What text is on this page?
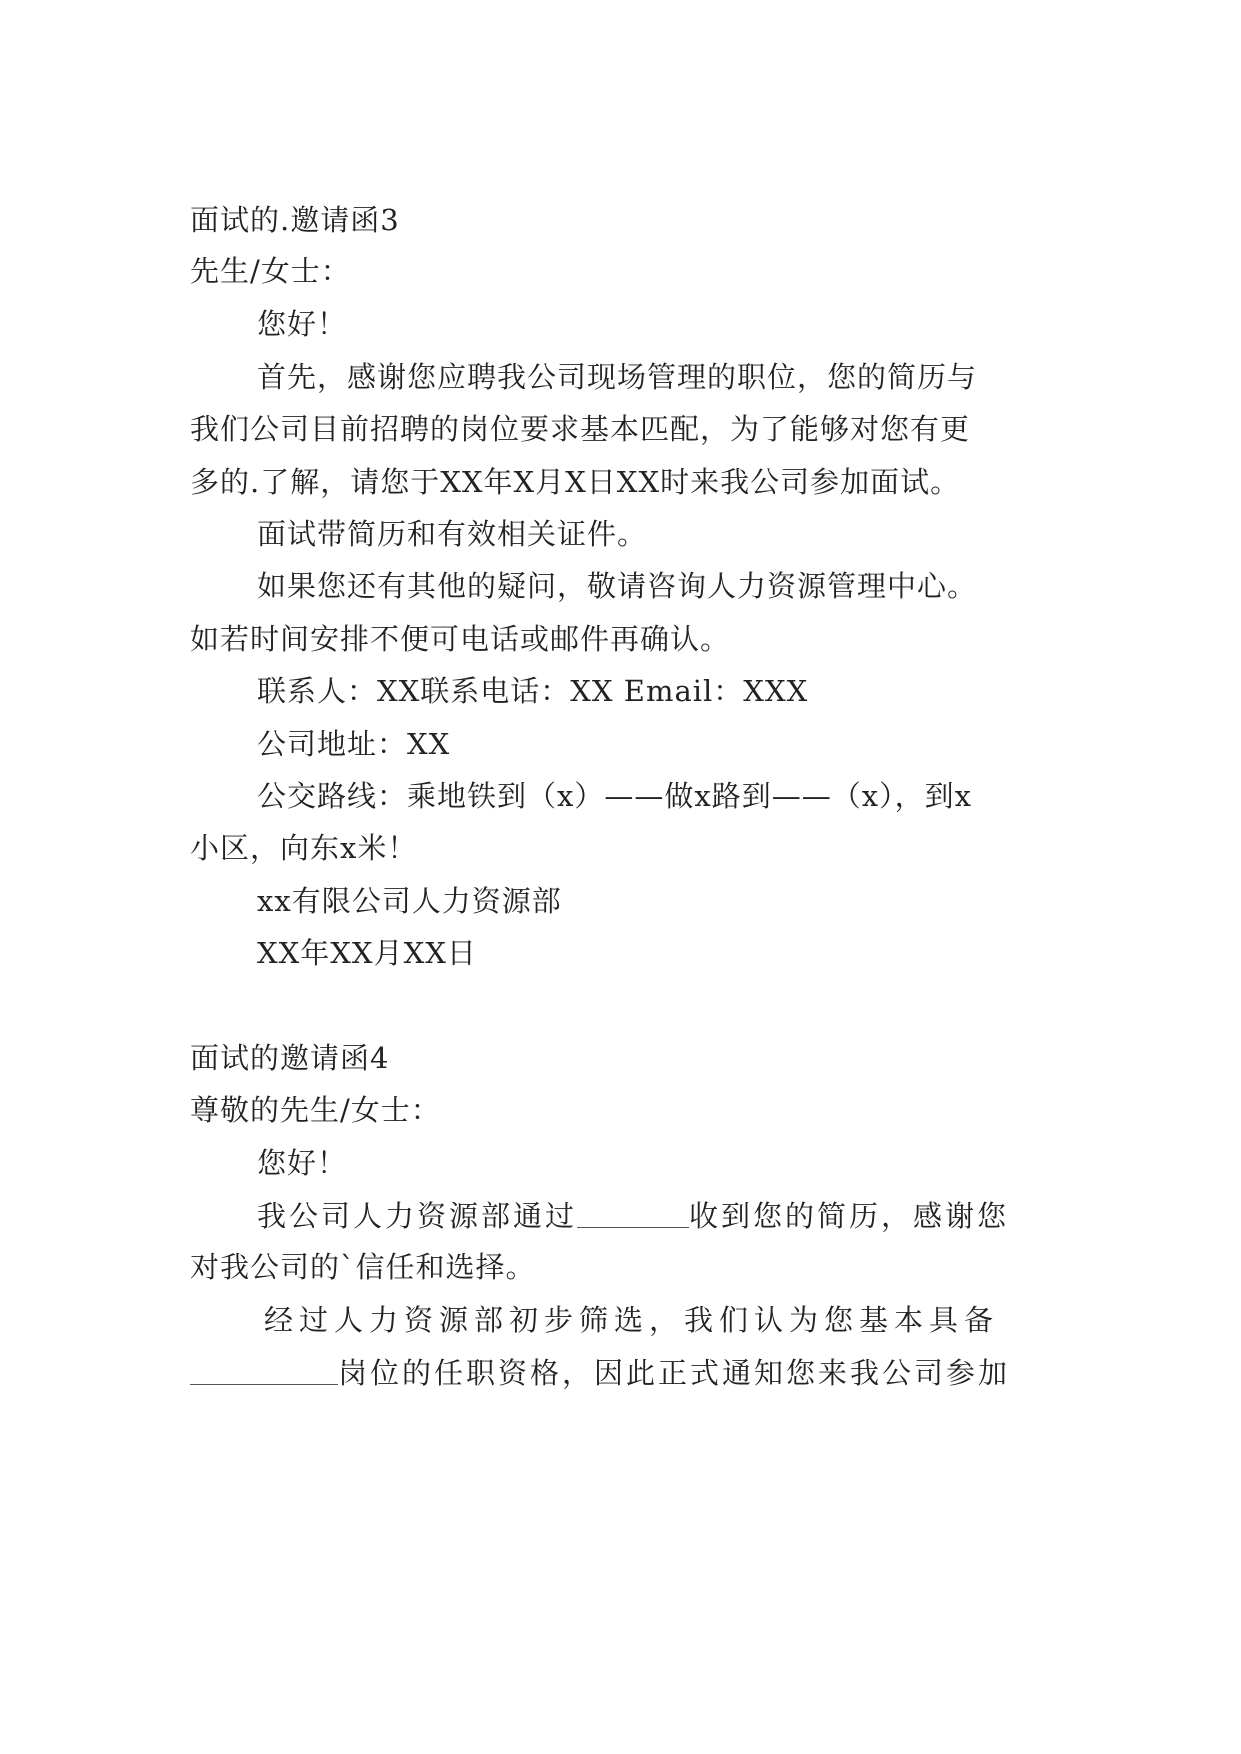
面试的.邀请函3
先生/女士：
您好！
首先，感谢您应聘我公司现场管理的职位，您的简历与
我们公司目前招聘的岗位要求基本匹配，为了能够对您有更
多的.了解，请您于XX年X月X日XX时来我公司参加面试。
面试带简历和有效相关证件。
如果您还有其他的疑问，敬请咨询人力资源管理中心。
如若时间安排不便可电话或邮件再确认。
联系人：XX联系电话：XX Email：XXX
公司地址：XX
公交路线：乘地铁到（x）——做x路到——（x），到x
小区，向东x米！
xx有限公司人力资源部
XX年XX月XX日
面试的邀请函4
尊敬的先生/女士：
您好！
我公司人力资源部通过	收到您的简历，感谢您
对我公司的`信任和选择。
经过人力资源部初步筛选，我们认为您基本具备
岗位的任职资格，因此正式通知您来我公司参加
